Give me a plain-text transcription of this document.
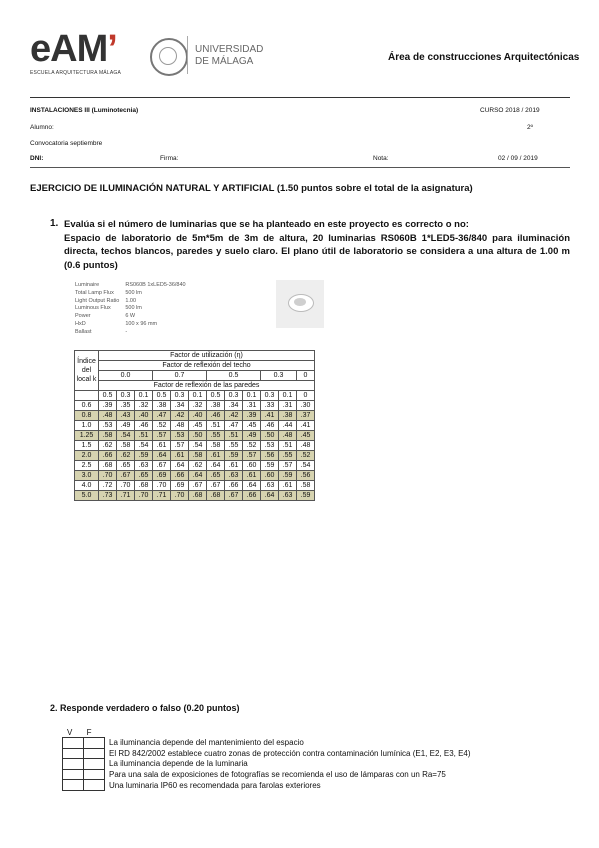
eAM’
ESCUELA ARQUITECTURA MÁLAGA
UNIVERSIDAD
DE MÁLAGA	Área de construcciones Arquitectónicas
INSTALACIONES III (Luminotecnia)	CURSO 2018 / 2019
Alumno:	2º
Convocatoria septiembre
DNI:	Firma:	Nota:	02 / 09 / 2019
EJERCICIO DE ILUMINACIÓN NATURAL Y ARTIFICIAL (1.50 puntos sobre el total de la asignatura)
1. Evalúa si el número de luminarias que se ha planteado en este proyecto es correcto o no:
Espacio de laboratorio de 5m*5m de 3m de altura, 20 luminarias RS060B 1*LED5-36/840 para iluminación directa, techos blancos, paredes y suelo claro. El plano útil de laboratorio se considera a una altura de 1.00 m (0.6 puntos)
Luminaire	RS060B 1xLED5-36/840
Total Lamp Flux	500 lm
Light Output Ratio	1.00
Luminous Flux	500 lm
Power	6 W
HxD	100 x 96 mm
Ballast	-
Índice del local k	Factor de utilización (η)											
	Factor de reflexión del techo											
	0.0			0.7			0.5			0.3		0
	Factor de reflexión de las paredes											
	0.5	0.3	0.1	0.5	0.3	0.1	0.5	0.3	0.1	0.3	0.1	0
0.6	.39	.35	.32	.38	.34	.32	.38	.34	.31	.33	.31	.30
0.8	.48	.43	.40	.47	.42	.40	.46	.42	.39	.41	.38	.37
1.0	.53	.49	.46	.52	.48	.45	.51	.47	.45	.46	.44	.41
1.25	.58	.54	.51	.57	.53	.50	.55	.51	.49	.50	.48	.45
1.5	.62	.58	.54	.61	.57	.54	.58	.55	.52	.53	.51	.48
2.0	.66	.62	.59	.64	.61	.58	.61	.59	.57	.56	.55	.52
2.5	.68	.65	.63	.67	.64	.62	.64	.61	.60	.59	.57	.54
3.0	.70	.67	.65	.69	.66	.64	.65	.63	.61	.60	.59	.56
4.0	.72	.70	.68	.70	.69	.67	.67	.66	.64	.63	.61	.58
5.0	.73	.71	.70	.71	.70	.68	.68	.67	.66	.64	.63	.59
2. Responde verdadero o falso (0.20 puntos)
V F
		La iluminancia depende del mantenimiento del espacio
		El RD 842/2002 establece cuatro zonas de protección contra contaminación lumínica (E1, E2, E3, E4)
		La iluminancia depende de la luminaria
		Para una sala de exposiciones de fotografías se recomienda el uso de lámparas con un Ra=75
		Una luminaria IP60 es recomendada para farolas exteriores
